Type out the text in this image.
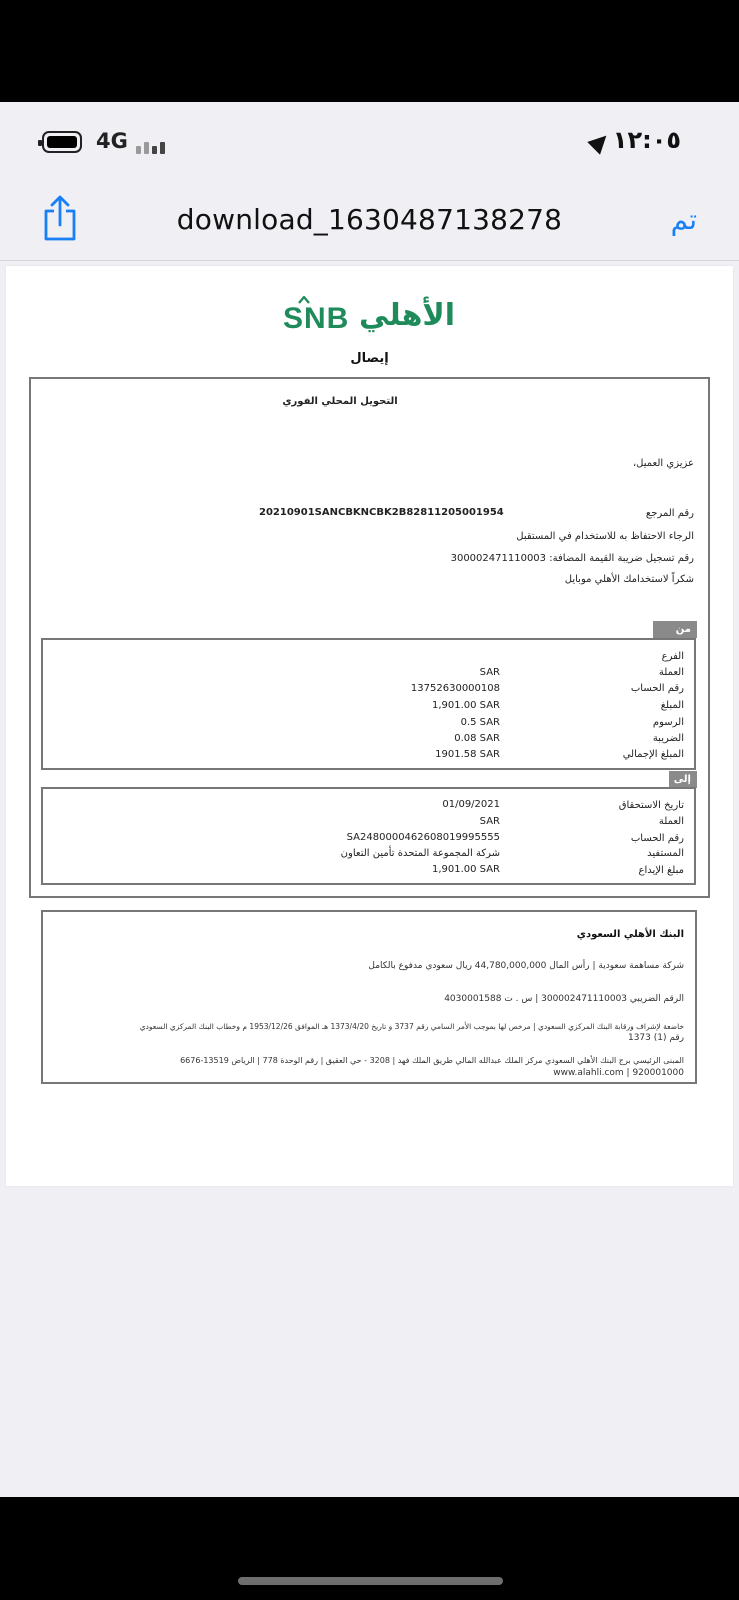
4G	١٢:٠٥
download_1630487138278	تم
SNB الأهلي
إيصال
التحويل المحلي الفوري
عزيزي العميل،
رقم المرجع
20210901SANCBKNCBK2B82811205001954
الرجاء الاحتفاظ به للاستخدام في المستقبل
رقم تسجيل ضريبة القيمة المضافة: 300002471110003
شكراً لاستخدامك الأهلي موبايل
من
الفرع
العملة
SAR
رقم الحساب
13752630000108
المبلغ
1,901.00 SAR
الرسوم
0.5 SAR
الضريبة
0.08 SAR
المبلغ الإجمالي
1901.58 SAR
إلى
تاريخ الاستحقاق
01/09/2021
العملة
SAR
رقم الحساب
SA2480000462608019995555
المستفيد
شركة المجموعة المتحدة تأمين التعاون
مبلغ الإيداع
1,901.00 SAR
البنك الأهلي السعودي
شركة مساهمة سعودية | رأس المال 44,780,000,000 ريال سعودي مدفوع بالكامل
الرقم الضريبي 300002471110003 | س . ت 4030001588
خاضعة لإشراف ورقابة البنك المركزي السعودي | مرخص لها بموجب الأمر السامي رقم 3737 و تاريخ 1373/4/20 هـ الموافق 1953/12/26 م وخطاب البنك المركزي السعودي
رقم (1) 1373
المبنى الرئيسي برج البنك الأهلي السعودي مركز الملك عبدالله المالي طريق الملك فهد | 3208 - حي العقيق | رقم الوحدة 778 | الرياض 13519-6676
920001000 | www.alahli.com
